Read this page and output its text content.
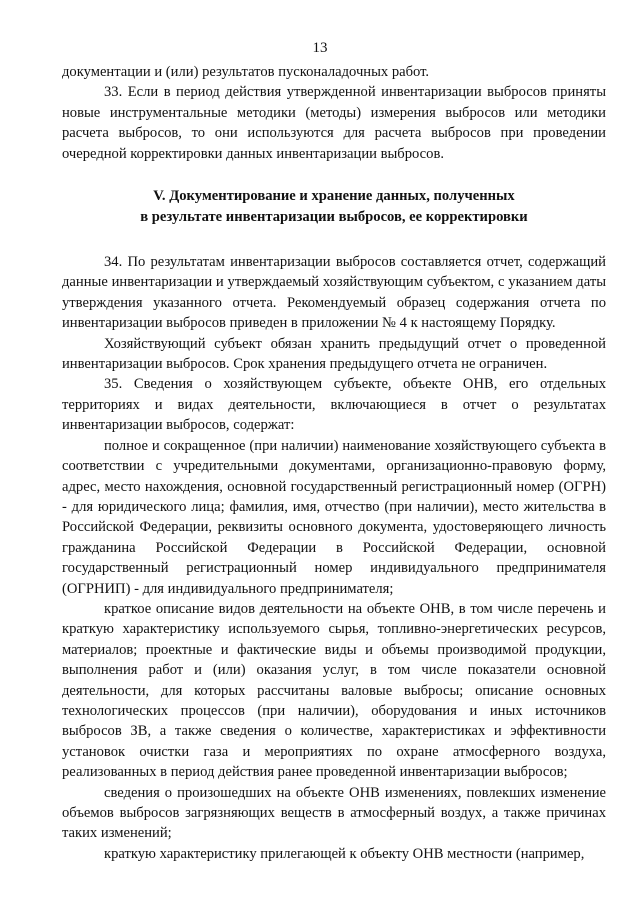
13

документации и (или) результатов пусконаладочных работ.

33. Если в период действия утвержденной инвентаризации выбросов приняты новые инструментальные методики (методы) измерения выбросов или методики расчета выбросов, то они используются для расчета выбросов при проведении очередной корректировки данных инвентаризации выбросов.

V. Документирование и хранение данных, полученных
в результате инвентаризации выбросов, ее корректировки

34. По результатам инвентаризации выбросов составляется отчет, содержащий данные инвентаризации и утверждаемый хозяйствующим субъектом, с указанием даты утверждения указанного отчета. Рекомендуемый образец содержания отчета по инвентаризации выбросов приведен в приложении № 4 к настоящему Порядку.

Хозяйствующий субъект обязан хранить предыдущий отчет о проведенной инвентаризации выбросов. Срок хранения предыдущего отчета не ограничен.

35. Сведения о хозяйствующем субъекте, объекте ОНВ, его отдельных территориях и видах деятельности, включающиеся в отчет о результатах инвентаризации выбросов, содержат:

полное и сокращенное (при наличии) наименование хозяйствующего субъекта в соответствии с учредительными документами, организационно-правовую форму, адрес, место нахождения, основной государственный регистрационный номер (ОГРН) - для юридического лица; фамилия, имя, отчество (при наличии), место жительства в Российской Федерации, реквизиты основного документа, удостоверяющего личность гражданина Российской Федерации в Российской Федерации, основной государственный регистрационный номер индивидуального предпринимателя (ОГРНИП) - для индивидуального предпринимателя;

краткое описание видов деятельности на объекте ОНВ, в том числе перечень и краткую характеристику используемого сырья, топливно-энергетических ресурсов, материалов; проектные и фактические виды и объемы производимой продукции, выполнения работ и (или) оказания услуг, в том числе показатели основной деятельности, для которых рассчитаны валовые выбросы; описание основных технологических процессов (при наличии), оборудования и иных источников выбросов ЗВ, а также сведения о количестве, характеристиках и эффективности установок очистки газа и мероприятиях по охране атмосферного воздуха, реализованных в период действия ранее проведенной инвентаризации выбросов;

сведения о произошедших на объекте ОНВ изменениях, повлекших изменение объемов выбросов загрязняющих веществ в атмосферный воздух, а также причинах таких изменений;

краткую характеристику прилегающей к объекту ОНВ местности (например,
